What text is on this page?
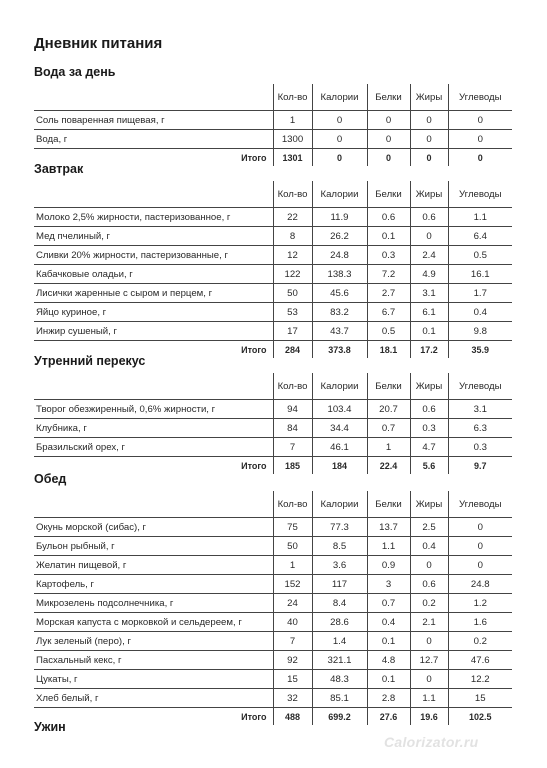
Дневник питания
Вода за день
	Кол-во	Калории	Белки	Жиры	Углеводы
Соль поваренная пищевая, г	1	0	0	0	0
Вода, г	1300	0	0	0	0
Итого	1301	0	0	0	0
Завтрак
	Кол-во	Калории	Белки	Жиры	Углеводы
Молоко 2,5% жирности, пастеризованное, г	22	11.9	0.6	0.6	1.1
Мед пчелиный, г	8	26.2	0.1	0	6.4
Сливки 20% жирности, пастеризованные, г	12	24.8	0.3	2.4	0.5
Кабачковые оладьи, г	122	138.3	7.2	4.9	16.1
Лисички жаренные с сыром и перцем, г	50	45.6	2.7	3.1	1.7
Яйцо куриное, г	53	83.2	6.7	6.1	0.4
Инжир сушеный, г	17	43.7	0.5	0.1	9.8
Итого	284	373.8	18.1	17.2	35.9
Утренний перекус
	Кол-во	Калории	Белки	Жиры	Углеводы
Творог обезжиренный, 0,6% жирности, г	94	103.4	20.7	0.6	3.1
Клубника, г	84	34.4	0.7	0.3	6.3
Бразильский орех, г	7	46.1	1	4.7	0.3
Итого	185	184	22.4	5.6	9.7
Обед
	Кол-во	Калории	Белки	Жиры	Углеводы
Окунь морской (сибас), г	75	77.3	13.7	2.5	0
Бульон рыбный, г	50	8.5	1.1	0.4	0
Желатин пищевой, г	1	3.6	0.9	0	0
Картофель, г	152	117	3	0.6	24.8
Микрозелень подсолнечника, г	24	8.4	0.7	0.2	1.2
Морская капуста с морковкой и сельдереем, г	40	28.6	0.4	2.1	1.6
Лук зеленый (перо), г	7	1.4	0.1	0	0.2
Пасхальный кекс, г	92	321.1	4.8	12.7	47.6
Цукаты, г	15	48.3	0.1	0	12.2
Хлеб белый, г	32	85.1	2.8	1.1	15
Итого	488	699.2	27.6	19.6	102.5
Ужин
Calorizator.ru
